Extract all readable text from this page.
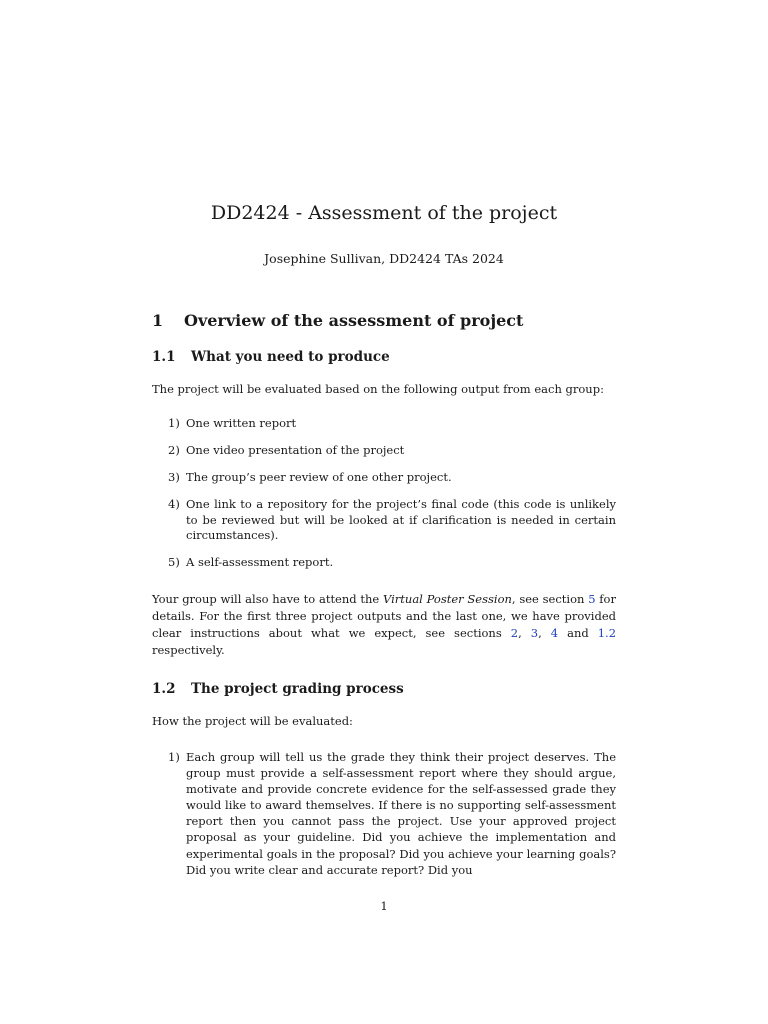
DD2424 - Assessment of the project

Josephine Sullivan, DD2424 TAs 2024

1 Overview of the assessment of project
1.1 What you need to produce

The project will be evaluated based on the following output from each group:

1) One written report
2) One video presentation of the project
3) The group’s peer review of one other project.
4) One link to a repository for the project’s final code (this code is unlikely to be reviewed but will be looked at if clarification is needed in certain circumstances).
5) A self-assessment report.

Your group will also have to attend the Virtual Poster Session, see section 5 for details. For the first three project outputs and the last one, we have provided clear instructions about what we expect, see sections 2, 3, 4 and 1.2 respectively.

1.2 The project grading process

How the project will be evaluated:

1) Each group will tell us the grade they think their project deserves. The group must provide a self-assessment report where they should argue, motivate and provide concrete evidence for the self-assessed grade they would like to award themselves. If there is no supporting self-assessment report then you cannot pass the project. Use your approved project proposal as your guideline. Did you achieve the implementation and experimental goals in the proposal? Did you achieve your learning goals? Did you write clear and accurate report? Did you

1
